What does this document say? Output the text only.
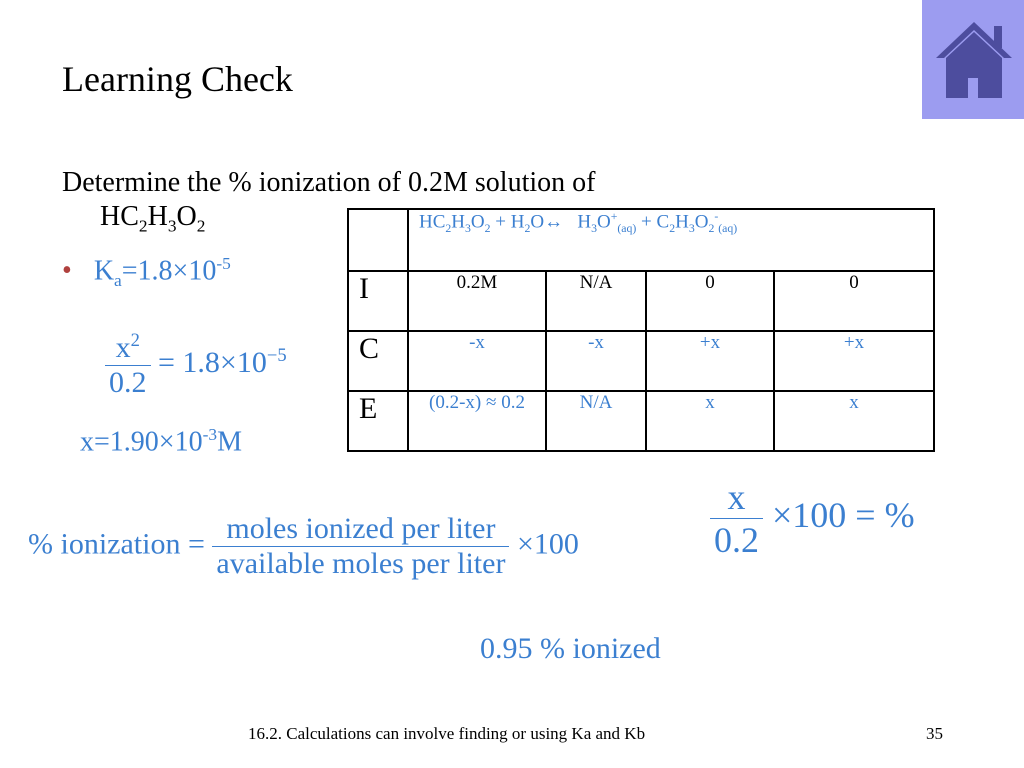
Learning Check
Determine the % ionization of 0.2M solution of
$HC_2H_3O_2$
• $K_a=1.8\times 10^{-5}$
	$HC_2H_3O_2$ + $H_2O\leftrightarrow$   $H_3O^+_{(aq)} + C_2H_3O_2^-_{(aq)}$
I	0.2M	N/A	0	0
C	-x	-x	+x	+x
E	(0.2-x) ≈ 0.2	N/A	x	x
$\frac{x^2}{0.2} = 1.8\times 10^{-5}$
$x=1.90\times 10^{-3}M$
% ionization = $\frac{\text{moles ionized per liter}}{\text{available moles per liter}} \times 100$	$\frac{x}{0.2} \times 100$ = %
0.95 % ionized
16.2. Calculations can involve finding or using Ka and Kb	35
